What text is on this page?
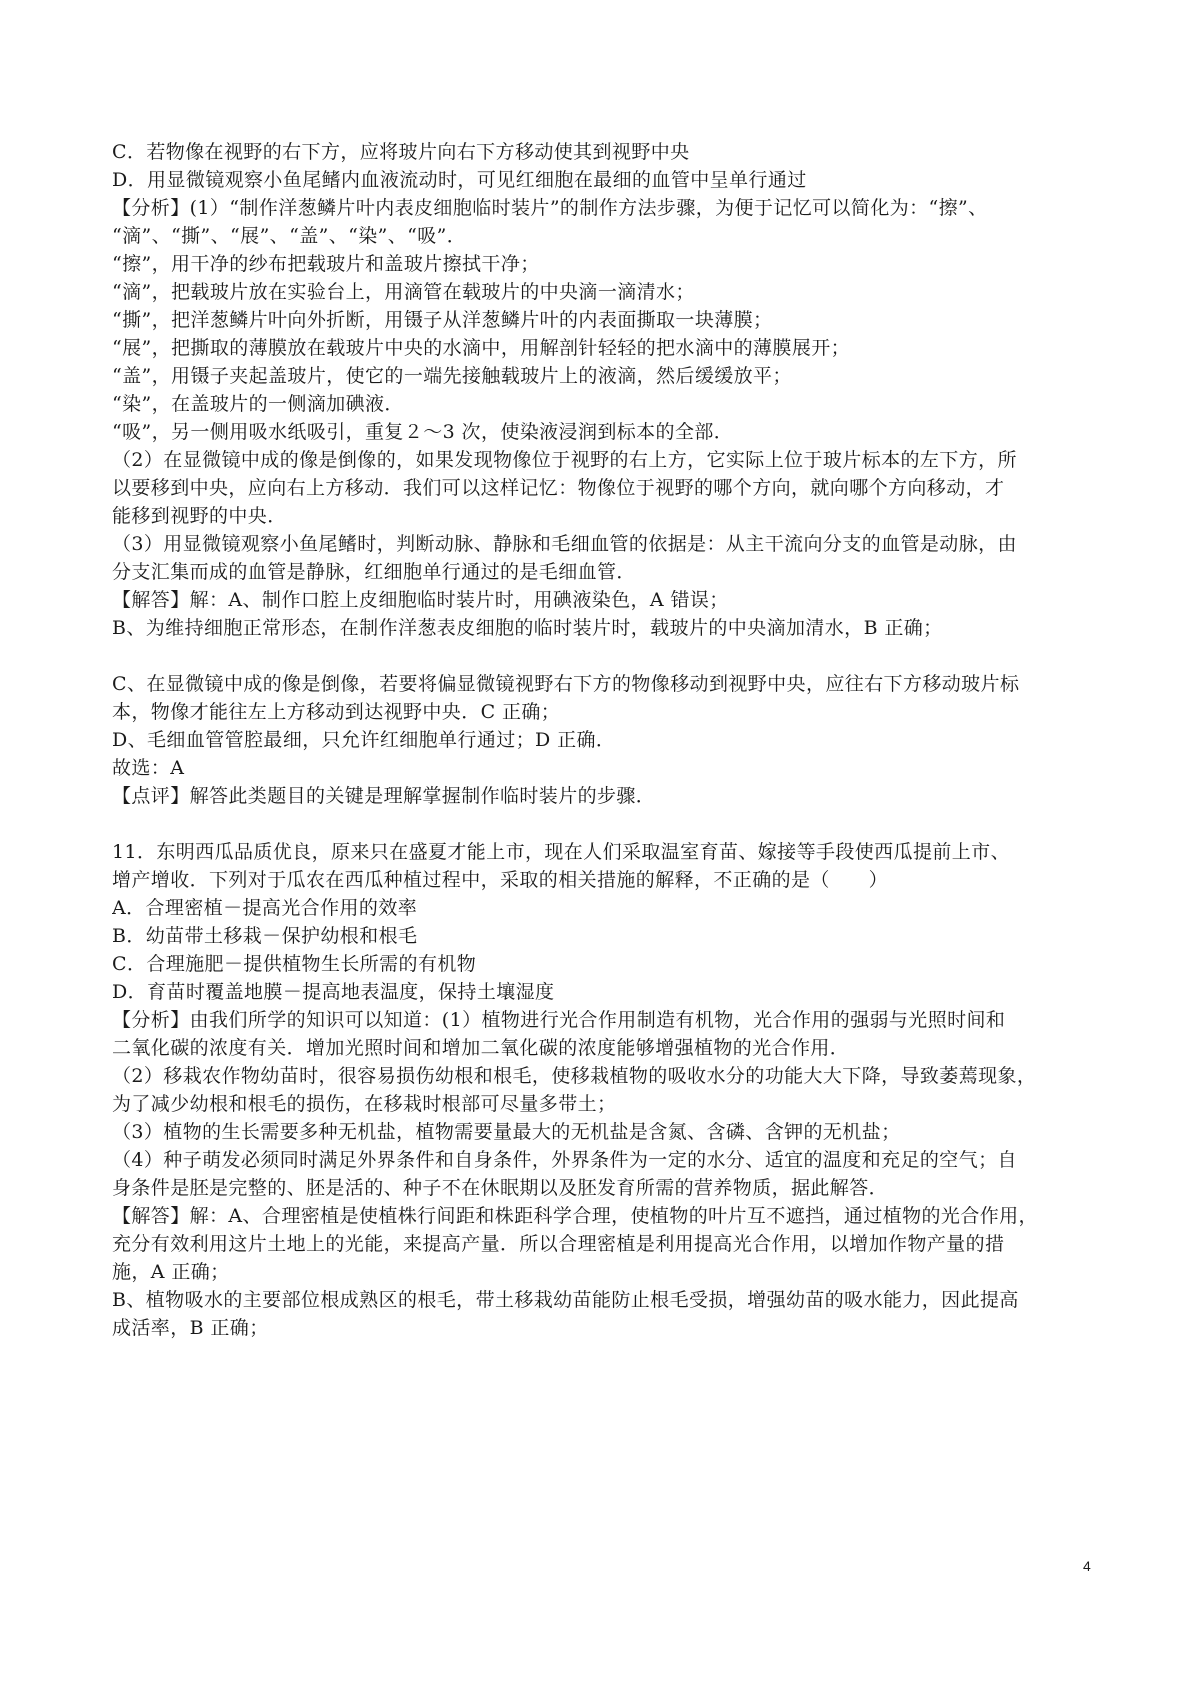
C．若物像在视野的右下方，应将玻片向右下方移动使其到视野中央
D．用显微镜观察小鱼尾鳍内血液流动时，可见红细胞在最细的血管中呈单行通过
【分析】(1）“制作洋葱鳞片叶内表皮细胞临时装片”的制作方法步骤，为便于记忆可以简化为：“擦”、
“滴”、“撕”、“展”、“盖”、“染”、“吸”．
“擦”，用干净的纱布把载玻片和盖玻片擦拭干净；
“滴”，把载玻片放在实验台上，用滴管在载玻片的中央滴一滴清水；
“撕”，把洋葱鳞片叶向外折断，用镊子从洋葱鳞片叶的内表面撕取一块薄膜；
“展”，把撕取的薄膜放在载玻片中央的水滴中，用解剖针轻轻的把水滴中的薄膜展开；
“盖”，用镊子夹起盖玻片，使它的一端先接触载玻片上的液滴，然后缓缓放平；
“染”，在盖玻片的一侧滴加碘液．
“吸”，另一侧用吸水纸吸引，重复２～3 次，使染液浸润到标本的全部．
（2）在显微镜中成的像是倒像的，如果发现物像位于视野的右上方，它实际上位于玻片标本的左下方，所
以要移到中央，应向右上方移动．我们可以这样记忆：物像位于视野的哪个方向，就向哪个方向移动，才
能移到视野的中央．
（3）用显微镜观察小鱼尾鳍时，判断动脉、静脉和毛细血管的依据是：从主干流向分支的血管是动脉，由
分支汇集而成的血管是静脉，红细胞单行通过的是毛细血管．
【解答】解：A、制作口腔上皮细胞临时装片时，用碘液染色，A 错误；
B、为维持细胞正常形态，在制作洋葱表皮细胞的临时装片时，载玻片的中央滴加清水，B 正确；
C、在显微镜中成的像是倒像，若要将偏显微镜视野右下方的物像移动到视野中央，应往右下方移动玻片标
本，物像才能往左上方移动到达视野中央．C 正确；
D、毛细血管管腔最细，只允许红细胞单行通过；D 正确．
故选：A
【点评】解答此类题目的关键是理解掌握制作临时装片的步骤．
11．东明西瓜品质优良，原来只在盛夏才能上市，现在人们采取温室育苗、嫁接等手段使西瓜提前上市、
增产增收．下列对于瓜农在西瓜种植过程中，采取的相关措施的解释，不正确的是（　　）
A．合理密植－提高光合作用的效率
B．幼苗带土移栽－保护幼根和根毛
C．合理施肥－提供植物生长所需的有机物
D．育苗时覆盖地膜－提高地表温度，保持土壤湿度
【分析】由我们所学的知识可以知道：(1）植物进行光合作用制造有机物，光合作用的强弱与光照时间和
二氧化碳的浓度有关．增加光照时间和增加二氧化碳的浓度能够增强植物的光合作用．
（2）移栽农作物幼苗时，很容易损伤幼根和根毛，使移栽植物的吸收水分的功能大大下降，导致萎蔫现象，
为了减少幼根和根毛的损伤，在移栽时根部可尽量多带土；
（3）植物的生长需要多种无机盐，植物需要量最大的无机盐是含氮、含磷、含钾的无机盐；
（4）种子萌发必须同时满足外界条件和自身条件，外界条件为一定的水分、适宜的温度和充足的空气；自
身条件是胚是完整的、胚是活的、种子不在休眠期以及胚发育所需的营养物质，据此解答．
【解答】解：A、合理密植是使植株行间距和株距科学合理，使植物的叶片互不遮挡，通过植物的光合作用，
充分有效利用这片土地上的光能，来提高产量．所以合理密植是利用提高光合作用，以增加作物产量的措
施，A 正确；
B、植物吸水的主要部位根成熟区的根毛，带土移栽幼苗能防止根毛受损，增强幼苗的吸水能力，因此提高
成活率，B 正确；
4
